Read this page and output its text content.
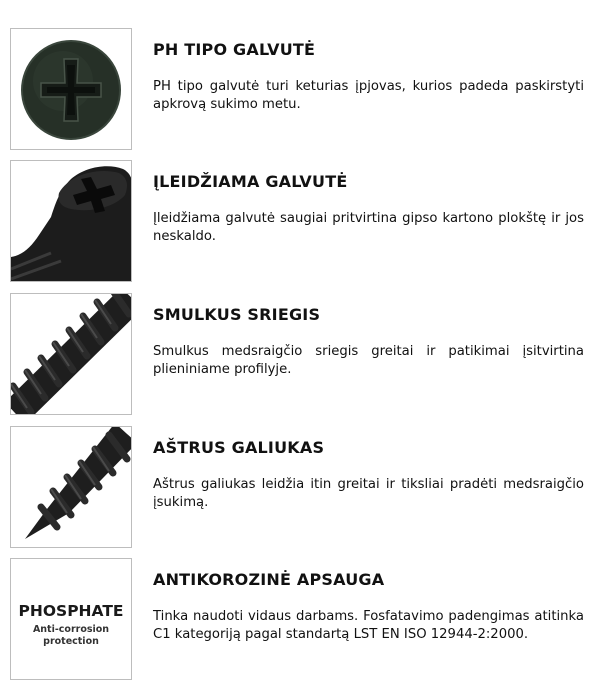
PH TIPO GALVUTĖ
PH tipo galvutė turi keturias įpjovas, kurios padeda paskirstyti apkrovą sukimo metu.
ĮLEIDŽIAMA GALVUTĖ
Įleidžiama galvutė saugiai pritvirtina gipso kartono plokštę ir jos neskaldo.
SMULKUS SRIEGIS
Smulkus medsraigčio sriegis greitai ir patikimai įsitvirtina plieniniame profilyje.
AŠTRUS GALIUKAS
Aštrus galiukas leidžia itin greitai ir tiksliai pradėti medsraigčio įsukimą.
PHOSPHATE
Anti-corrosion
protection
ANTIKOROZINĖ APSAUGA
Tinka naudoti vidaus darbams. Fosfatavimo padengimas atitinka C1 kategoriją pagal standartą LST EN ISO 12944-2:2000.
